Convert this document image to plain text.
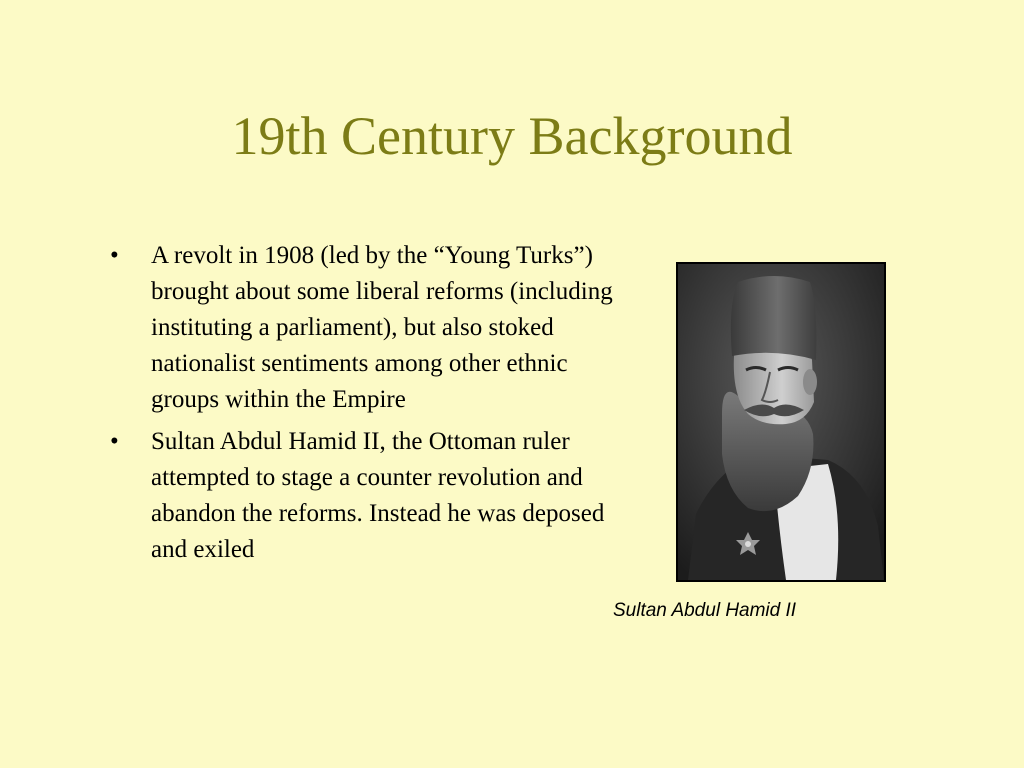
19th Century Background
• A revolt in 1908 (led by the “Young Turks”) brought about some liberal reforms (including instituting a parliament), but also stoked nationalist sentiments among other ethnic groups within the Empire
• Sultan Abdul Hamid II, the Ottoman ruler attempted to stage a counter revolution and abandon the reforms. Instead he was deposed and exiled
Sultan Abdul Hamid II
